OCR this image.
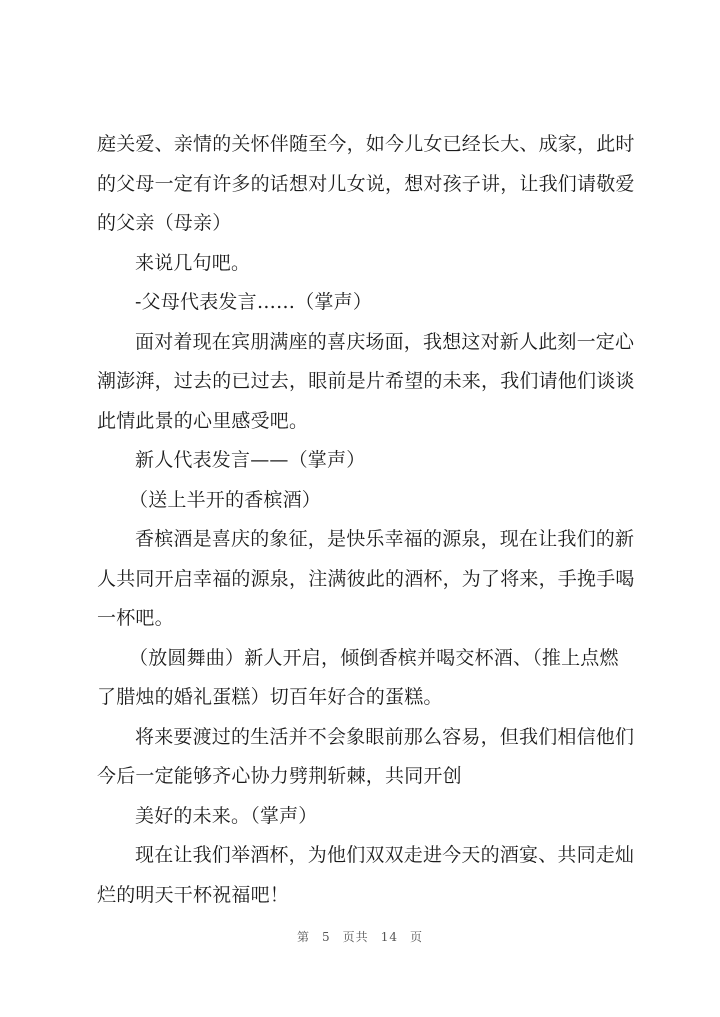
庭关爱、亲情的关怀伴随至今，如今儿女已经长大、成家，此时
的父母一定有许多的话想对儿女说，想对孩子讲，让我们请敬爱
的父亲（母亲）
来说几句吧。
-父母代表发言……（掌声）
面对着现在宾朋满座的喜庆场面，我想这对新人此刻一定心
潮澎湃，过去的已过去，眼前是片希望的未来，我们请他们谈谈
此情此景的心里感受吧。
新人代表发言——（掌声）
（送上半开的香槟酒）
香槟酒是喜庆的象征，是快乐幸福的源泉，现在让我们的新
人共同开启幸福的源泉，注满彼此的酒杯，为了将来，手挽手喝
一杯吧。
（放圆舞曲）新人开启，倾倒香槟并喝交杯酒、（推上点燃
了腊烛的婚礼蛋糕）切百年好合的蛋糕。
将来要渡过的生活并不会象眼前那么容易，但我们相信他们
今后一定能够齐心协力劈荆斩棘，共同开创
美好的未来。（掌声）
现在让我们举酒杯，为他们双双走进今天的酒宴、共同走灿
烂的明天干杯祝福吧！
第 5 页共 14 页
